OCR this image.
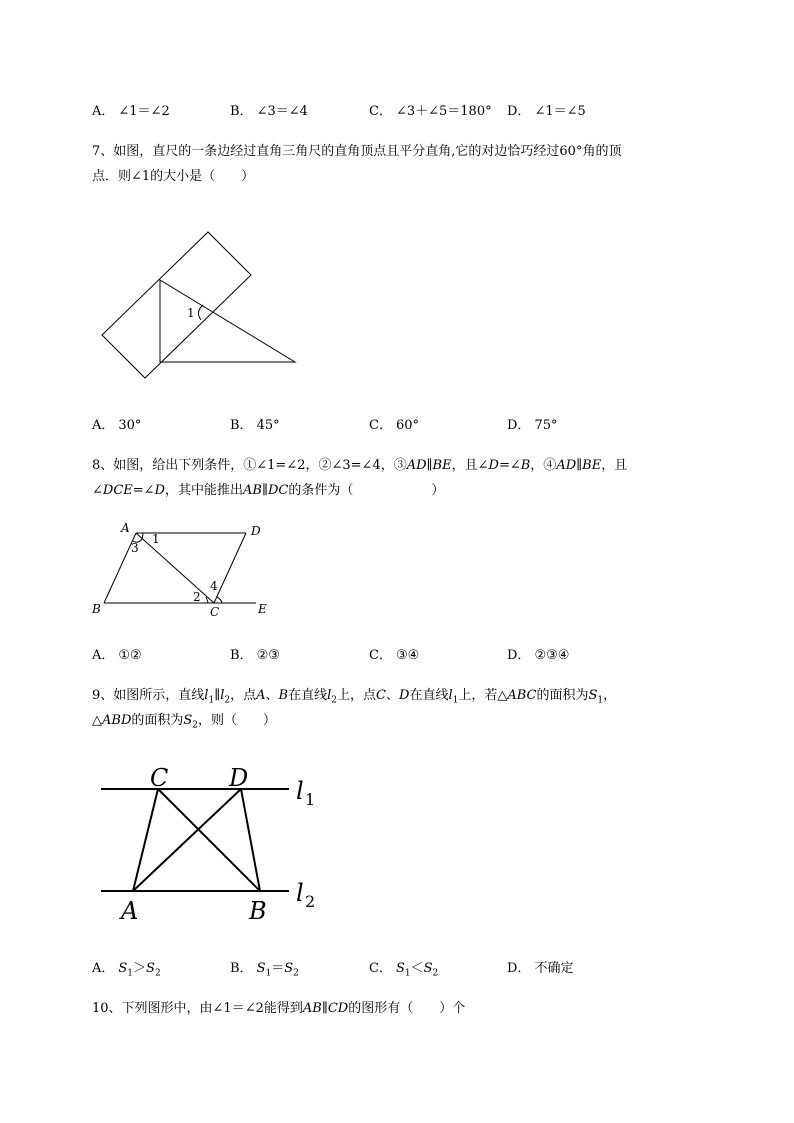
A． ∠1＝∠2	B． ∠3＝∠4	C． ∠3＋∠5＝180° D． ∠1＝∠5
7、如图，直尺的一条边经过直角三角尺的直角顶点且平分直角,它的对边恰巧经过60°角的顶
点．则∠1的大小是（　　）
1
A． 30°	B． 45°	C． 60°	D． 75°
8、如图，给出下列条件，①∠1=∠2，②∠3=∠4，③AD∥BE，且∠D=∠B，④AD∥BE，且
∠DCE=∠D，其中能推出AB∥DC的条件为（　　　　　　）
A	D
B	C	E
1
2
3
4
A． ①②	B． ②③	C． ③④	D． ②③④
9、如图所示，直线$l_1\parallel l_2$，点A、B在直线$l_2$上，点C、D在直线$l_1$上，若△ABC的面积为$S_1$，
△ABD的面积为$S_2$，则（　　）
C	D
A	B
l
l
1
2
A． $S_1>S_2$	B． $S_1=S_2$	C． $S_1<S_2$	D． 不确定
10、下列图形中，由∠1＝∠2能得到AB∥CD的图形有（　　）个
